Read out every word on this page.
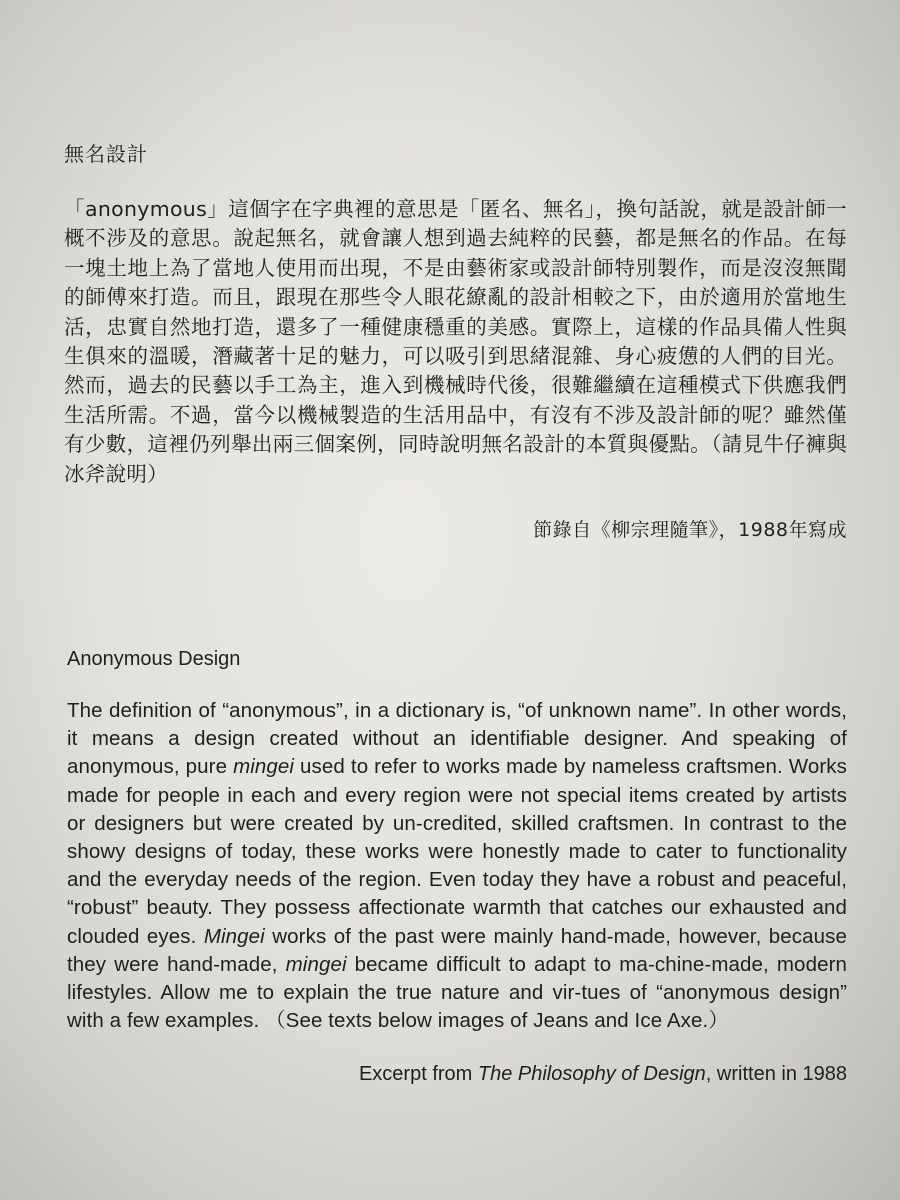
無名設計

「anonymous」這個字在字典裡的意思是「匿名、無名」，換句話說，就是設計師一概不涉及的意思。說起無名，就會讓人想到過去純粹的民藝，都是無名的作品。在每一塊土地上為了當地人使用而出現，不是由藝術家或設計師特別製作，而是沒沒無聞的師傅來打造。而且，跟現在那些令人眼花繚亂的設計相較之下，由於適用於當地生活，忠實自然地打造，還多了一種健康穩重的美感。實際上，這樣的作品具備人性與生俱來的溫暖，潛藏著十足的魅力，可以吸引到思緒混雜、身心疲憊的人們的目光。然而，過去的民藝以手工為主，進入到機械時代後，很難繼續在這種模式下供應我們生活所需。不過，當今以機械製造的生活用品中，有沒有不涉及設計師的呢？雖然僅有少數，這裡仍列舉出兩三個案例，同時說明無名設計的本質與優點。（請見牛仔褲與冰斧說明）

節錄自《柳宗理隨筆》，1988年寫成
Anonymous Design

The definition of “anonymous”, in a dictionary is, “of unknown name”. In other words, it means a design created without an identifiable designer. And speaking of anonymous, pure mingei used to refer to works made by nameless craftsmen. Works made for people in each and every region were not special items created by artists or designers but were created by un-credited, skilled craftsmen. In contrast to the showy designs of today, these works were honestly made to cater to functionality and the everyday needs of the region. Even today they have a robust and peaceful, “robust” beauty. They possess affectionate warmth that catches our exhausted and clouded eyes. Mingei works of the past were mainly hand-made, however, because they were hand-made, mingei became difficult to adapt to ma-chine-made, modern lifestyles. Allow me to explain the true nature and vir-tues of “anonymous design” with a few examples. （See texts below images of Jeans and Ice Axe.）

Excerpt from The Philosophy of Design, written in 1988
